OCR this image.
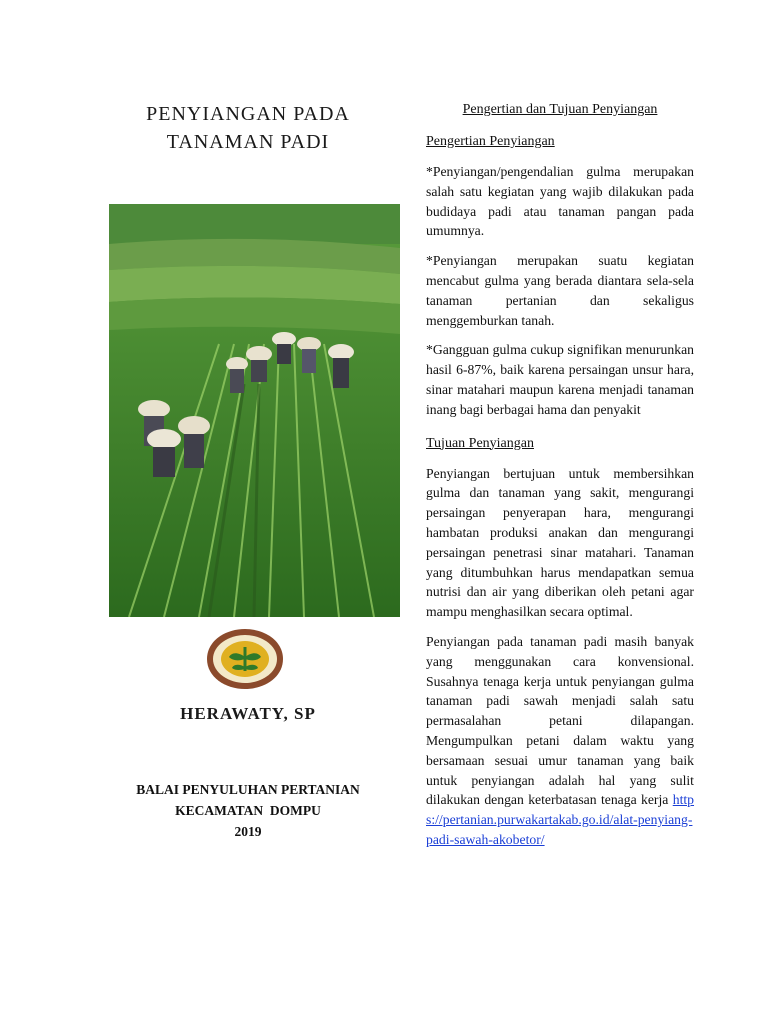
PENYIANGAN PADA
TANAMAN PADI
HERAWATY, SP
BALAI PENYULUHAN PERTANIAN
KECAMATAN  DOMPU
2019
Pengertian dan Tujuan Penyiangan
Pengertian Penyiangan

*Penyiangan/pengendalian gulma merupakan salah satu kegiatan yang wajib dilakukan pada budidaya padi atau tanaman pangan pada umumnya.

*Penyiangan merupakan suatu kegiatan mencabut gulma yang berada diantara sela-sela tanaman pertanian dan sekaligus menggemburkan tanah.

*Gangguan gulma cukup signifikan menurunkan hasil 6-87%, baik karena persaingan unsur hara, sinar matahari maupun karena menjadi tanaman inang bagi berbagai hama dan penyakit

Tujuan Penyiangan

Penyiangan bertujuan untuk membersihkan gulma dan tanaman yang sakit, mengurangi persaingan penyerapan hara, mengurangi hambatan produksi anakan dan mengurangi persaingan penetrasi sinar matahari. Tanaman yang ditumbuhkan harus mendapatkan semua nutrisi dan air yang diberikan oleh petani agar mampu menghasilkan secara optimal.

Penyiangan pada tanaman padi masih banyak yang menggunakan cara konvensional. Susahnya tenaga kerja untuk penyiangan gulma tanaman padi sawah menjadi salah satu permasalahan petani dilapangan. Mengumpulkan petani dalam waktu yang bersamaan sesuai umur tanaman yang baik untuk penyiangan adalah hal yang sulit dilakukan dengan keterbatasan tenaga kerja https://pertanian.purwakartakab.go.id/alat-penyiang-padi-sawah-akobetor/
